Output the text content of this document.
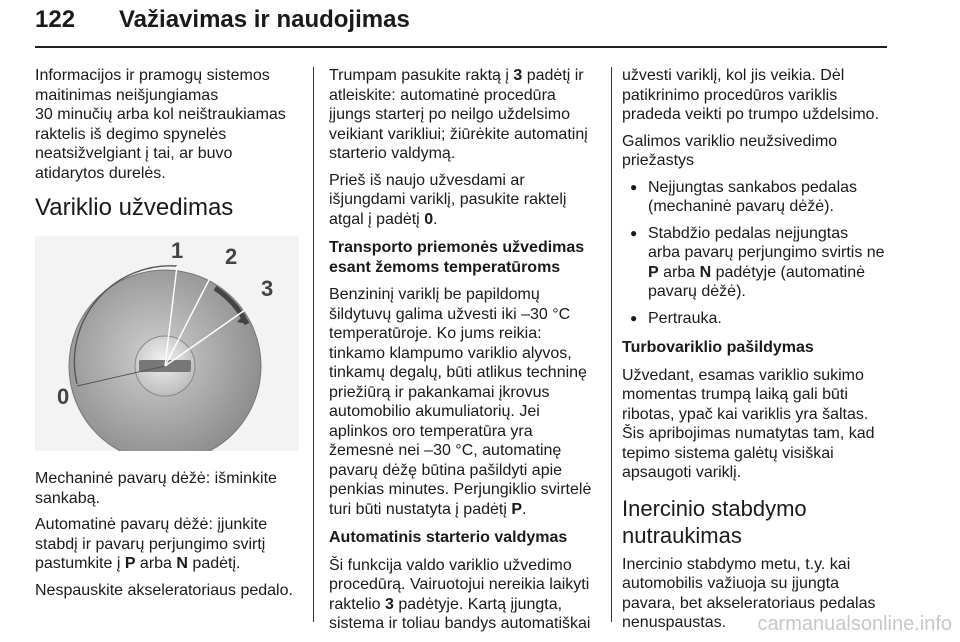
122 Važiavimas ir naudojimas

Informacijos ir pramogų sistemos
maitinimas neišjungiamas
30 minučių arba kol neištraukiamas
raktelis iš degimo spynelės
neatsižvelgiant į tai, ar buvo
atidarytos durelės.

Variklio užvedimas
0
1 2
3

Mechaninė pavarų dėžė: išminkite
sankabą.

Automatinė pavarų dėžė: įjunkite
stabdį ir pavarų perjungimo svirtį
pastumkite į P arba N padėtį.

Nespauskite akseleratoriaus pedalo.

Trumpam pasukite raktą į 3 padėtį ir
atleiskite: automatinė procedūra
įjungs starterį po neilgo uždelsimo
veikiant varikliui; žiūrėkite automatinį
starterio valdymą.

Prieš iš naujo užvesdami ar
išjungdami variklį, pasukite raktelį
atgal į padėtį 0.

Transporto priemonės užvedimas
esant žemoms temperatūroms

Benzininį variklį be papildomų
šildytuvų galima užvesti iki –30 °C
temperatūroje. Ko jums reikia:
tinkamo klampumo variklio alyvos,
tinkamų degalų, būti atlikus techninę
priežiūrą ir pakankamai įkrovus
automobilio akumuliatorių. Jei
aplinkos oro temperatūra yra
žemesnė nei –30 °C, automatinę
pavarų dėžę būtina pašildyti apie
penkias minutes. Perjungiklio svirtelė
turi būti nustatyta į padėtį P.

Automatinis starterio valdymas

Ši funkcija valdo variklio užvedimo
procedūrą. Vairuotojui nereikia laikyti
raktelio 3 padėtyje. Kartą įjungta,
sistema ir toliau bandys automatiškai

užvesti variklį, kol jis veikia. Dėl
patikrinimo procedūros variklis
pradeda veikti po trumpo uždelsimo.

Galimos variklio neužsivedimo
priežastys

● Neįjungtas sankabos pedalas
(mechaninė pavarų dėžė).
● Stabdžio pedalas neįjungtas
arba pavarų perjungimo svirtis ne
P arba N padėtyje (automatinė
pavarų dėžė).
● Pertrauka.
Turbovariklio pašildymas

Užvedant, esamas variklio sukimo
momentas trumpą laiką gali būti
ribotas, ypač kai variklis yra šaltas.
Šis apribojimas numatytas tam, kad
tepimo sistema galėtų visiškai
apsaugoti variklį.

Inercinio stabdymo
nutraukimas

Inercinio stabdymo metu, t.y. kai
automobilis važiuoja su įjungta
pavara, bet akseleratoriaus pedalas
nenuspaustas.	carmanualsonline.info
